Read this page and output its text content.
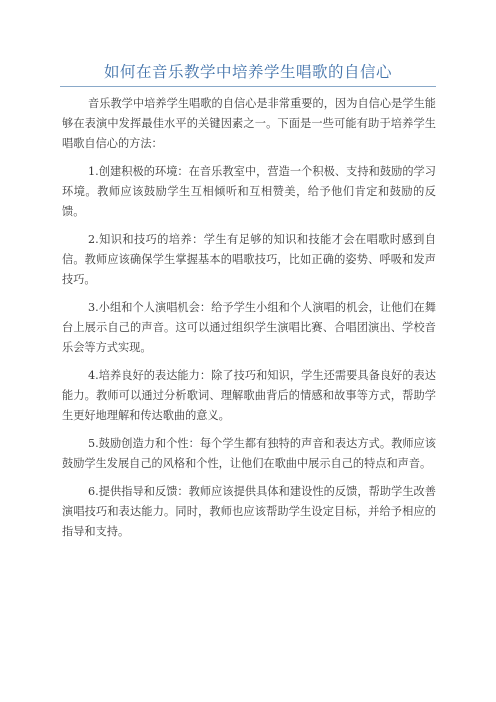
如何在音乐教学中培养学生唱歌的自信心

音乐教学中培养学生唱歌的自信心是非常重要的，因为自信心是学生能够在表演中发挥最佳水平的关键因素之一。下面是一些可能有助于培养学生唱歌自信心的方法：

1.创建积极的环境：在音乐教室中，营造一个积极、支持和鼓励的学习环境。教师应该鼓励学生互相倾听和互相赞美，给予他们肯定和鼓励的反馈。

2.知识和技巧的培养：学生有足够的知识和技能才会在唱歌时感到自信。教师应该确保学生掌握基本的唱歌技巧，比如正确的姿势、呼吸和发声技巧。

3.小组和个人演唱机会：给予学生小组和个人演唱的机会，让他们在舞台上展示自己的声音。这可以通过组织学生演唱比赛、合唱团演出、学校音乐会等方式实现。

4.培养良好的表达能力：除了技巧和知识，学生还需要具备良好的表达能力。教师可以通过分析歌词、理解歌曲背后的情感和故事等方式，帮助学生更好地理解和传达歌曲的意义。

5.鼓励创造力和个性：每个学生都有独特的声音和表达方式。教师应该鼓励学生发展自己的风格和个性，让他们在歌曲中展示自己的特点和声音。

6.提供指导和反馈：教师应该提供具体和建设性的反馈，帮助学生改善演唱技巧和表达能力。同时，教师也应该帮助学生设定目标，并给予相应的指导和支持。
